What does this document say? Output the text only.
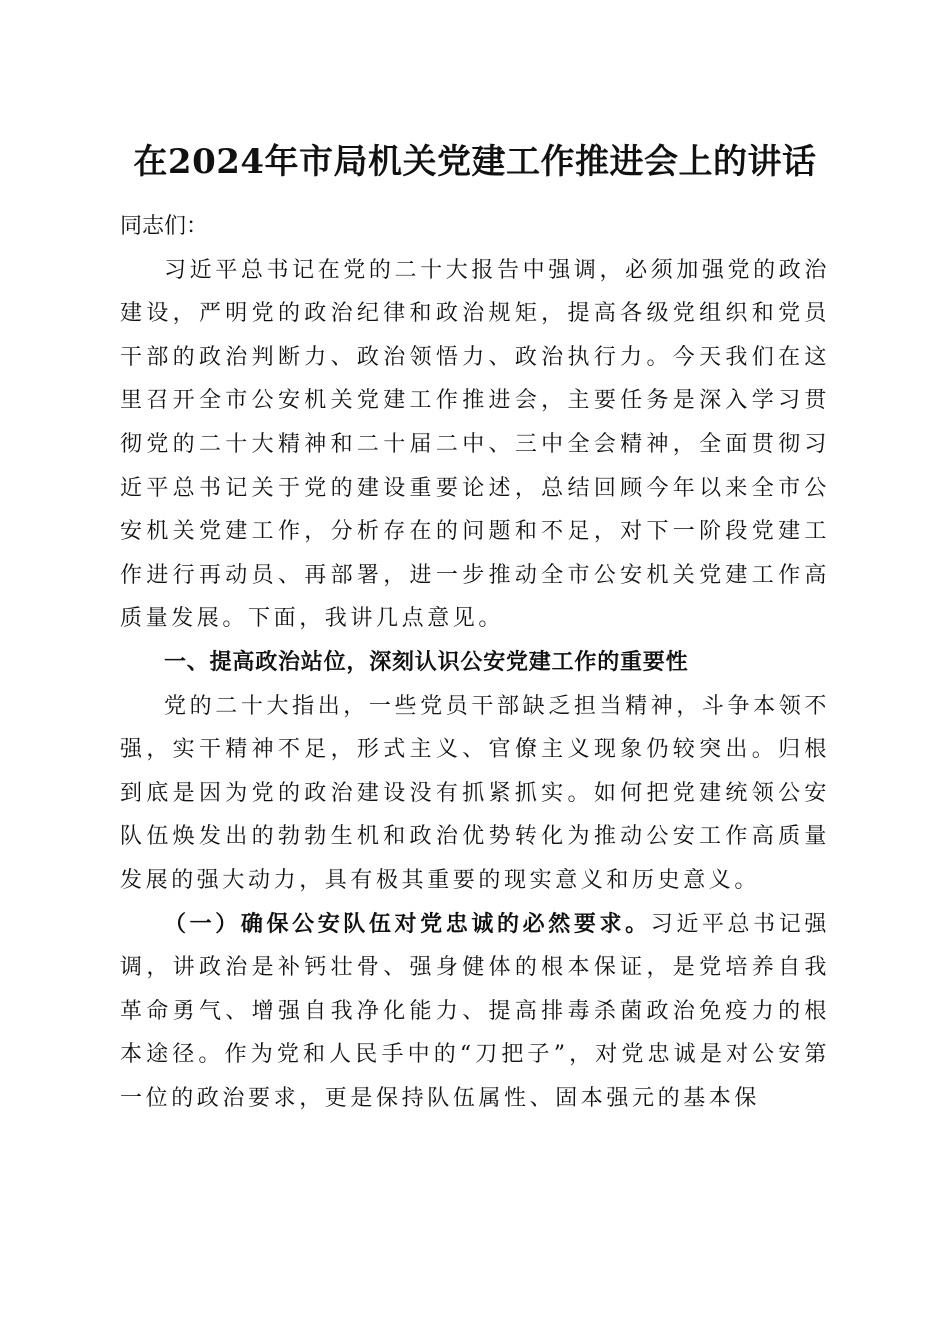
在2024年市局机关党建工作推进会上的讲话

同志们：

习近平总书记在党的二十大报告中强调，必须加强党的政治建设，严明党的政治纪律和政治规矩，提高各级党组织和党员干部的政治判断力、政治领悟力、政治执行力。今天我们在这里召开全市公安机关党建工作推进会，主要任务是深入学习贯彻党的二十大精神和二十届二中、三中全会精神，全面贯彻习近平总书记关于党的建设重要论述，总结回顾今年以来全市公安机关党建工作，分析存在的问题和不足，对下一阶段党建工作进行再动员、再部署，进一步推动全市公安机关党建工作高质量发展。下面，我讲几点意见。

一、提高政治站位，深刻认识公安党建工作的重要性

党的二十大指出，一些党员干部缺乏担当精神，斗争本领不强，实干精神不足，形式主义、官僚主义现象仍较突出。归根到底是因为党的政治建设没有抓紧抓实。如何把党建统领公安队伍焕发出的勃勃生机和政治优势转化为推动公安工作高质量发展的强大动力，具有极其重要的现实意义和历史意义。

（一）确保公安队伍对党忠诚的必然要求。习近平总书记强调，讲政治是补钙壮骨、强身健体的根本保证，是党培养自我革命勇气、增强自我净化能力、提高排毒杀菌政治免疫力的根本途径。作为党和人民手中的“刀把子”，对党忠诚是对公安第一位的政治要求，更是保持队伍属性、固本强元的基本保
